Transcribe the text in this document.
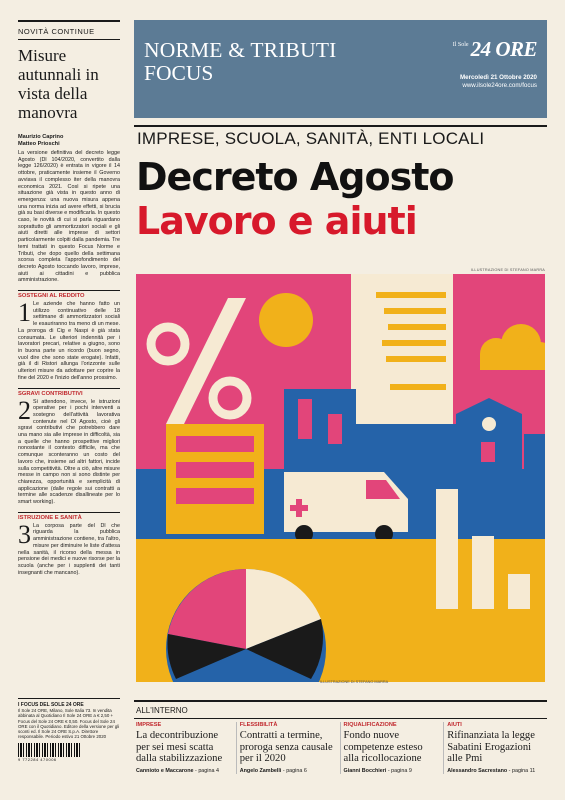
NOVITÀ CONTINUE
Misure autunnali in vista della manovra
Maurizio Caprino
Matteo Prioschi

La versione definitiva del decreto legge Agosto (Dl 104/2020, convertito dalla legge 126/2020) è entrata in vigore il 14 ottobre, praticamente insieme il Governo avviava il complesso iter della manovra economica 2021. Così si ripete una situazione già vista in questo anno di emergenza: una nuova misura appena una norma inizia ad avere effetti, si brucia già su basi diverse e modificarla. In questo caso, le novità di cui si parla riguardano soprattutto gli ammortizzatori sociali e gli aiuti diretti alle imprese di settori particolarmente colpiti dalla pandemia. Tre temi trattati in questo Focus Norme e Tributi, che dopo quello della settimana scorsa completa l'approfondimento del decreto Agosto toccando lavoro, imprese, aiuti ai cittadini e pubblica amministrazione.

SOSTEGNI AL REDDITO
1 Le aziende che hanno fatto un utilizzo continuativo delle 18 settimane di ammortizzatori sociali le esauriranno tra meno di un mese. La proroga di Cig e Naspi è già stata consumata. Le ulteriori indennità per i lavoratori precari, relative a giugno, sono in buona parte un ricordo (buon segno, vuol dire che sono state erogate). Infatti, già il di Ristori allunga l'orizzonte sulle ulteriori misure da adottare per coprire la fine del 2020 e l'inizio dell'anno prossimo.
SGRAVI CONTRIBUTIVI
2 Si attendono, invece, le istruzioni operative per i pochi interventi a sostegno dell'attività lavorativa contenute nel Dl Agosto, cioè gli sgravi contributivi che potrebbero dare una mano sia alle imprese in difficoltà, sia a quelle che hanno prospettive migliori nonostante il contesto difficile, ma che comunque sconteranno un costo del lavoro che, insieme ad altri fattori, incide sulla competitività. Oltre a ciò, altre misure messe in campo non si sono distinte per chiarezza, opportunità e semplicità di applicazione (dalle regole sui contratti a termine alle scadenze disallineate per lo smart working).
ISTRUZIONE E SANITÀ
3 La corposa parte del Dl che riguarda la pubblica amministrazione contiene, tra l'altro, misure per diminuire le liste d'attesa nella sanità, il ricorso della messa in pensione dei medici e nuove risorse per la scuola (anche per i supplenti dei tanti insegnanti che mancano).
I FOCUS DEL SOLE 24 ORE
Il Sole 24 ORE, Milano, Sole Italia 73. In vendita abbinata al Quotidiano Il Sole 24 ORE a € 2,50 + Focus del Sole 24 ORE € 0,50. Focus del Sole 24 ORE con il Quotidiano. Editore della versione per gli sconti ed. Il Sole 24 ORE S.p.A. Direttore responsabile. Periodo estivo 21 Ottobre 2020
9 772284 470006
NORME & TRIBUTI
FOCUS
$^{Il Sole}$24 ORE
Mercoledì 21 Ottobre 2020
www.ilsole24ore.com/focus
IMPRESE, SCUOLA, SANITÀ, ENTI LOCALI
Decreto Agosto
Lavoro e aiuti
ILLUSTRAZIONE DI STEFANO MARRA
ILLUSTRAZIONE DI STEFANO MARRA
ALL'INTERNO
IMPRESE
La decontribuzione per sei mesi scatta dalla stabilizzazione
Cannioto e Maccarone - pagina 4
FLESSIBILITÀ
Contratti a termine, proroga senza causale per il 2020
Angelo Zambelli - pagina 6
RIQUALIFICAZIONE
Fondo nuove competenze esteso alla ricollocazione
Gianni Bocchieri - pagina 9
AIUTI
Rifinanziata la legge Sabatini Erogazioni alle Pmi
Alessandro Sacrestano - pagina 11
